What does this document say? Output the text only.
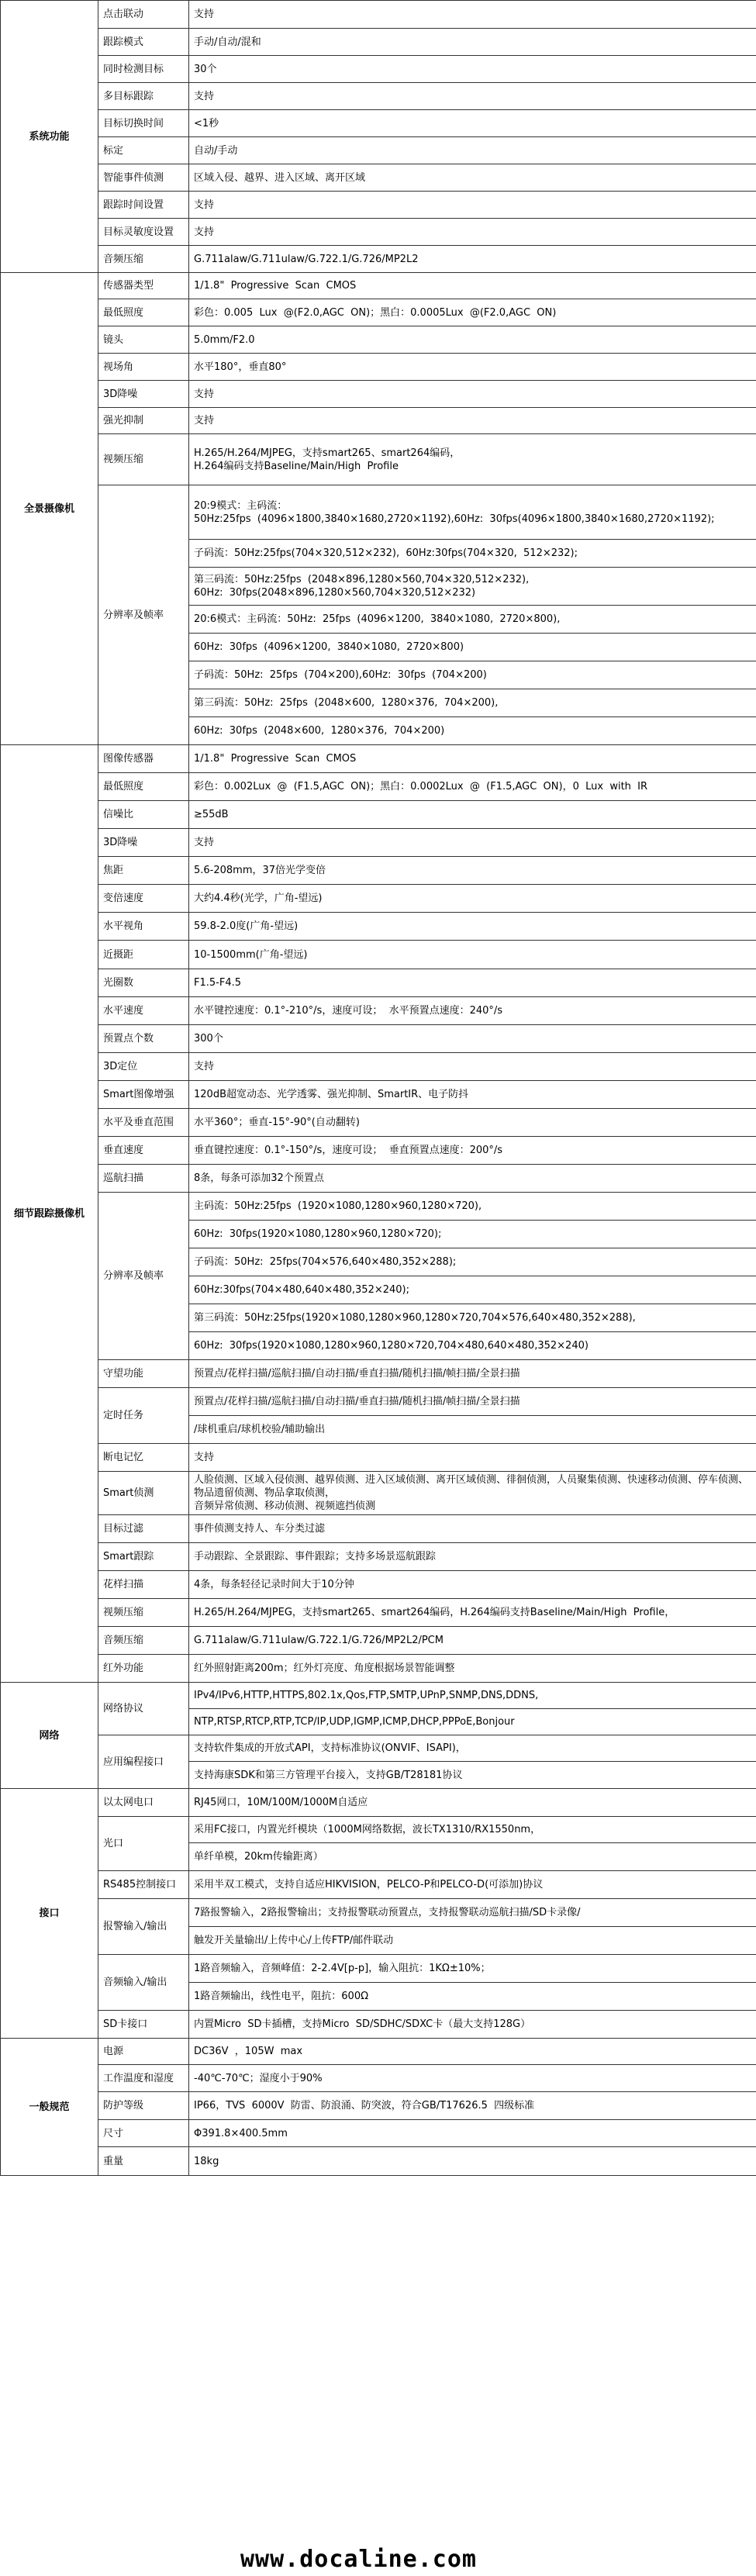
系统功能	点击联动	支持

	跟踪模式	手动/自动/混和

	同时检测目标	30个

	多目标跟踪	支持

	目标切换时间	<1秒

	标定	自动/手动

	智能事件侦测	区域入侵、越界、进入区域、离开区域

	跟踪时间设置	支持

	目标灵敏度设置	支持

	音频压缩	G.711alaw/G.711ulaw/G.722.1/G.726/MP2L2

全景摄像机	传感器类型	1/1.8"  Progressive  Scan  CMOS

	最低照度	彩色：0.005  Lux  @(F2.0,AGC  ON)；黑白：0.0005Lux  @(F2.0,AGC  ON)

	镜头	5.0mm/F2.0

	视场角	水平180°，垂直80°

	3D降噪	支持

	强光抑制	支持

	视频压缩	H.265/H.264/MJPEG，支持smart265、smart264编码，
H.264编码支持Baseline/Main/High  Profile

	分辨率及帧率	20:9模式：主码流：
50Hz:25fps  (4096×1800,3840×1680,2720×1192),60Hz:  30fps(4096×1800,3840×1680,2720×1192);

		子码流：50Hz:25fps(704×320,512×232),  60Hz:30fps(704×320,  512×232);

		第三码流：50Hz:25fps  (2048×896,1280×560,704×320,512×232),
60Hz:  30fps(2048×896,1280×560,704×320,512×232)

		20:6模式：主码流：50Hz:  25fps  (4096×1200,  3840×1080,  2720×800),

		60Hz:  30fps  (4096×1200,  3840×1080,  2720×800)

		子码流：50Hz:  25fps  (704×200),60Hz:  30fps  (704×200)

		第三码流：50Hz:  25fps  (2048×600,  1280×376,  704×200),

		60Hz:  30fps  (2048×600,  1280×376,  704×200)

细节跟踪摄像机	图像传感器	1/1.8"  Progressive  Scan  CMOS

	最低照度	彩色：0.002Lux  @  (F1.5,AGC  ON)；黑白：0.0002Lux  @  (F1.5,AGC  ON)，0  Lux  with  IR

	信噪比	≥55dB

	3D降噪	支持

	焦距	5.6-208mm，37倍光学变倍

	变倍速度	大约4.4秒(光学，广角-望远)

	水平视角	59.8-2.0度(广角-望远)

	近摄距	10-1500mm(广角-望远)

	光圈数	F1.5-F4.5

	水平速度	水平键控速度：0.1°-210°/s，速度可设；  水平预置点速度：240°/s

	预置点个数	300个

	3D定位	支持

	Smart图像增强	120dB超宽动态、光学透雾、强光抑制、SmartIR、电子防抖

	水平及垂直范围	水平360°；垂直-15°-90°(自动翻转)

	垂直速度	垂直键控速度：0.1°-150°/s，速度可设；  垂直预置点速度：200°/s

	巡航扫描	8条，每条可添加32个预置点

	分辨率及帧率	主码流：50Hz:25fps  (1920×1080,1280×960,1280×720),

		60Hz:  30fps(1920×1080,1280×960,1280×720);

		子码流：50Hz:  25fps(704×576,640×480,352×288);

		60Hz:30fps(704×480,640×480,352×240);

		第三码流：50Hz:25fps(1920×1080,1280×960,1280×720,704×576,640×480,352×288),

		60Hz:  30fps(1920×1080,1280×960,1280×720,704×480,640×480,352×240)

	守望功能	预置点/花样扫描/巡航扫描/自动扫描/垂直扫描/随机扫描/帧扫描/全景扫描

	定时任务	预置点/花样扫描/巡航扫描/自动扫描/垂直扫描/随机扫描/帧扫描/全景扫描

		/球机重启/球机校验/辅助输出

	断电记忆	支持

	Smart侦测	人脸侦测、区域入侵侦测、越界侦测、进入区域侦测、离开区域侦测、徘徊侦测，人员聚集侦测、快速移动侦测、停车侦测、物品遗留侦测、物品拿取侦测，
音频异常侦测、移动侦测、视频遮挡侦测

	目标过滤	事件侦测支持人、车分类过滤

	Smart跟踪	手动跟踪、全景跟踪、事件跟踪；支持多场景巡航跟踪

	花样扫描	4条，每条轻径记录时间大于10分钟

	视频压缩	H.265/H.264/MJPEG，支持smart265、smart264编码，H.264编码支持Baseline/Main/High  Profile，

	音频压缩	G.711alaw/G.711ulaw/G.722.1/G.726/MP2L2/PCM

	红外功能	红外照射距离200m；红外灯亮度、角度根据场景智能调整

网络	网络协议	IPv4/IPv6,HTTP,HTTPS,802.1x,Qos,FTP,SMTP,UPnP,SNMP,DNS,DDNS,

		NTP,RTSP,RTCP,RTP,TCP/IP,UDP,IGMP,ICMP,DHCP,PPPoE,Bonjour

	应用编程接口	支持软件集成的开放式API，支持标准协议(ONVIF、ISAPI)，

		支持海康SDK和第三方管理平台接入，支持GB/T28181协议

接口	以太网电口	RJ45网口，10M/100M/1000M自适应

	光口	采用FC接口，内置光纤模块（1000M网络数据，波长TX1310/RX1550nm，

		单纤单模，20km传输距离）

	RS485控制接口	采用半双工模式，支持自适应HIKVISION，PELCO-P和PELCO-D(可添加)协议

	报警输入/输出	7路报警输入，2路报警输出；支持报警联动预置点，支持报警联动巡航扫描/SD卡录像/

		触发开关量输出/上传中心/上传FTP/邮件联动

	音频输入/输出	1路音频输入，音频峰值：2-2.4V[p-p]，输入阻抗：1KΩ±10%；

		1路音频输出，线性电平，阻抗：600Ω

	SD卡接口	内置Micro  SD卡插槽，支持Micro  SD/SDHC/SDXC卡（最大支持128G）

一般规范	电源	DC36V  ，105W  max

	工作温度和湿度	-40℃-70℃；湿度小于90%

	防护等级	IP66，TVS  6000V  防雷、防浪涌、防突波，符合GB/T17626.5  四级标准

	尺寸	Φ391.8×400.5mm

	重量	18kg
www.docaline.com
